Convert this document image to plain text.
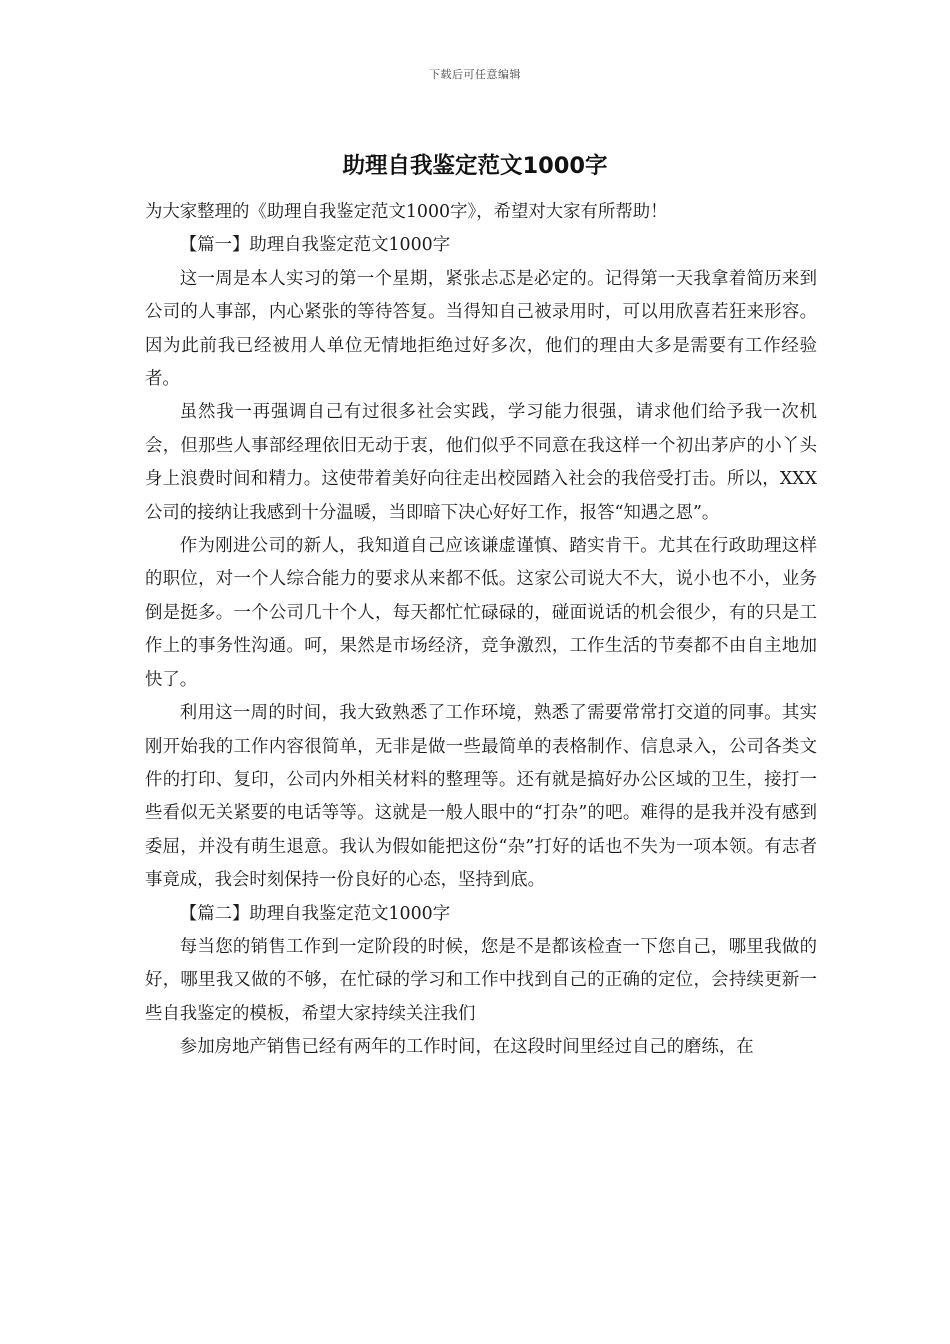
下载后可任意编辑
助理自我鉴定范文1000字

为大家整理的《助理自我鉴定范文1000字》，希望对大家有所帮助！

【篇一】助理自我鉴定范文1000字

这一周是本人实习的第一个星期，紧张忐忑是必定的。记得第一天我拿着简历来到公司的人事部，内心紧张的等待答复。当得知自己被录用时，可以用欣喜若狂来形容。因为此前我已经被用人单位无情地拒绝过好多次，他们的理由大多是需要有工作经验者。

虽然我一再强调自己有过很多社会实践，学习能力很强，请求他们给予我一次机会，但那些人事部经理依旧无动于衷，他们似乎不同意在我这样一个初出茅庐的小丫头身上浪费时间和精力。这使带着美好向往走出校园踏入社会的我倍受打击。所以，XXX公司的接纳让我感到十分温暖，当即暗下决心好好工作，报答“知遇之恩”。

作为刚进公司的新人，我知道自己应该谦虚谨慎、踏实肯干。尤其在行政助理这样的职位，对一个人综合能力的要求从来都不低。这家公司说大不大，说小也不小，业务倒是挺多。一个公司几十个人，每天都忙忙碌碌的，碰面说话的机会很少，有的只是工作上的事务性沟通。呵，果然是市场经济，竞争激烈，工作生活的节奏都不由自主地加快了。

利用这一周的时间，我大致熟悉了工作环境，熟悉了需要常常打交道的同事。其实刚开始我的工作内容很简单，无非是做一些最简单的表格制作、信息录入，公司各类文件的打印、复印，公司内外相关材料的整理等。还有就是搞好办公区域的卫生，接打一些看似无关紧要的电话等等。这就是一般人眼中的“打杂”的吧。难得的是我并没有感到委屈，并没有萌生退意。我认为假如能把这份“杂”打好的话也不失为一项本领。有志者事竟成，我会时刻保持一份良好的心态，坚持到底。

【篇二】助理自我鉴定范文1000字

每当您的销售工作到一定阶段的时候，您是不是都该检查一下您自己，哪里我做的好，哪里我又做的不够，在忙碌的学习和工作中找到自己的正确的定位，会持续更新一些自我鉴定的模板，希望大家持续关注我们

参加房地产销售已经有两年的工作时间，在这段时间里经过自己的磨练，在
